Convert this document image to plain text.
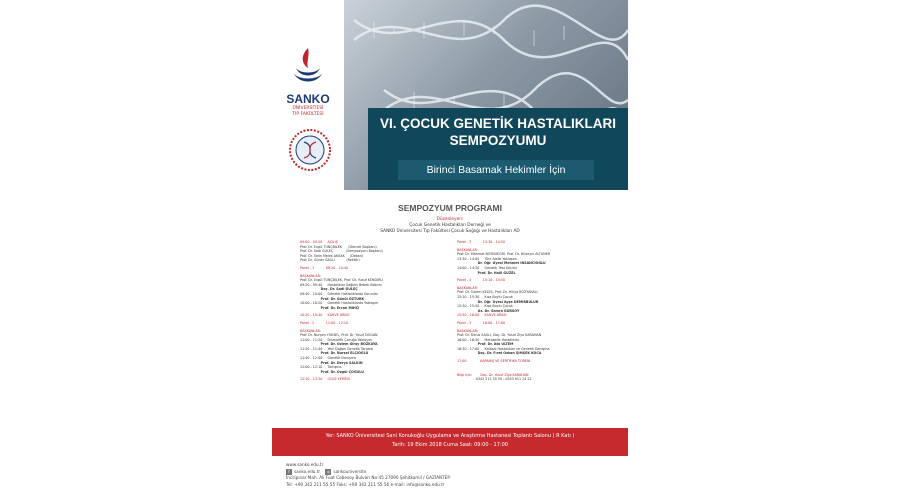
SANKO
ÜNİVERSİTESİ
TIP FAKÜLTESİ
VI. ÇOCUK GENETİK HASTALIKLARI
SEMPOZYUMU
Birinci Basamak Hekimler İçin
SEMPOZYUM PROGRAMI
Düzenleyen:
Çocuk Genetik Hastalıkları Derneği ve
SANKO Üniversitesi Tıp Fakültesi Çocuk Sağlığı ve Hastalıkları AD
09:00 - 09:20     AÇILIŞ
Prof. Dr. Ergül TUNÇBİLEK      (Dernek Başkanı)
Prof. Dr. Sadi GÜLEÇ            (Sempozyum Başkanı)
Prof. Dr. Selin Melek AKKAK     (Dekan)
Prof. Dr. Güner SAĞLI           (Rektör)
Panel - 1           09:20 - 10:40
BAŞKANLAR:
Prof. Dr. Ergül TUNÇBİLEK, Prof. Dr. Yusuf KENDİRLİ
09:20 - 09:40     Hastalıklar Sağlıklı Bebek Bakımı
Doç. Dr. Sadi GÜLEÇ
09:40 - 10:00     Genetik Hastalıklarda Sorunlar
Prof. Dr. Gönül ÖZTÜRK
10:00 - 10:20     Genetik Hastalıklarda Yaklaşım
Prof. Dr. Ercan MIHÇI
10:20 - 10:40     KAHVE ARASI
Panel - 2           11:00 - 12:10
BAŞKANLAR:
Prof. Dr. Nurşen YÜKSEL, Prof. Dr. Yusuf DOĞAN
11:00 - 11:20     Dismorfik Çocuğa Yaklaşım
Prof. Dr. Özlem Giray BOZKAYA
11:20 - 11:40     Yeni Doğan Genetik Tarama
Prof. Dr. Nursel ELÇİOĞLU
11:40 - 12:00     Genetik Danışma
Prof. Dr. Derya SALKIN
12:00 - 12:10     Tartışma
Prof. Dr. Özgül ÇOĞULU
12:10 - 13:30     ÖĞLE YEMEĞİ
Panel - 3           13:30 - 14:50
BAŞKANLAR:
Prof. Dr. Mehmet BOYNUEĞRİ, Prof. Dr. Hüseyin ALTUNER
13:30 - 14:00     Türk Alelik Yaklaşım
Dr. Öğr. Üyesi Mehmet İNSANCIOĞLU
14:00 - 14:20     Genetik Test Seçimi
Prof. Dr. Halil GÜZEL
Panel - 4           15:10 - 15:50
BAŞKANLAR:
Prof. Dr. Özlem KELEŞ, Prof. Dr. Hülya BOZYAKALI
15:10 - 15:30     Kısa Boylu Çocuk
Dr. Öğr. Üyesi Ayşe DEMİRBULUR
15:30 - 15:50     Kısa Boylu Çocuk
Uz. Dr. Semra GÜRSOY
15:50 - 16:00     KAHVE ARASI
Panel - 5           16:00 - 17:00
BAŞKANLAR:
Prof. Dr. Deniz SAĞLI, Doç. Dr. Yusuf Ziya KARAHAN
16:00 - 16:30     Metabolik Hastalıklar
Prof. Dr. Ata ULTEM
16:30 - 17:00     Kalıtsal Hastalıklar ve Genetik Danışma
Doç. Dr. Fırat Özkan ŞİMŞEK KOCA
17:00             KAPANIŞ VE SERTİFİKA TÖRENİ
Bilgi İçin:        Doç. Dr. Yusuf Ziya KARAHAN
0342 211 55 55 - 0533 911 24 22
Yer: SANKO Üniversitesi Sani Konukoğlu Uygulama ve Araştırma Hastanesi Toplantı Salonu ( R Katı )
Tarih: 19 Ekim 2018 Cuma Saat: 09:00 - 17:00
www.sanko.edu.tr
f sanko.edu.tr ◎ sankouniversite
İncilipınar Mah. Ali Fuat Cebesoy Bulvarı No:45 27090 Şehitkamil / GAZİANTEP
Tel: +90 342 211 55 55 Faks: +90 342 211 55 56 e-mail: info@sanko.edu.tr
